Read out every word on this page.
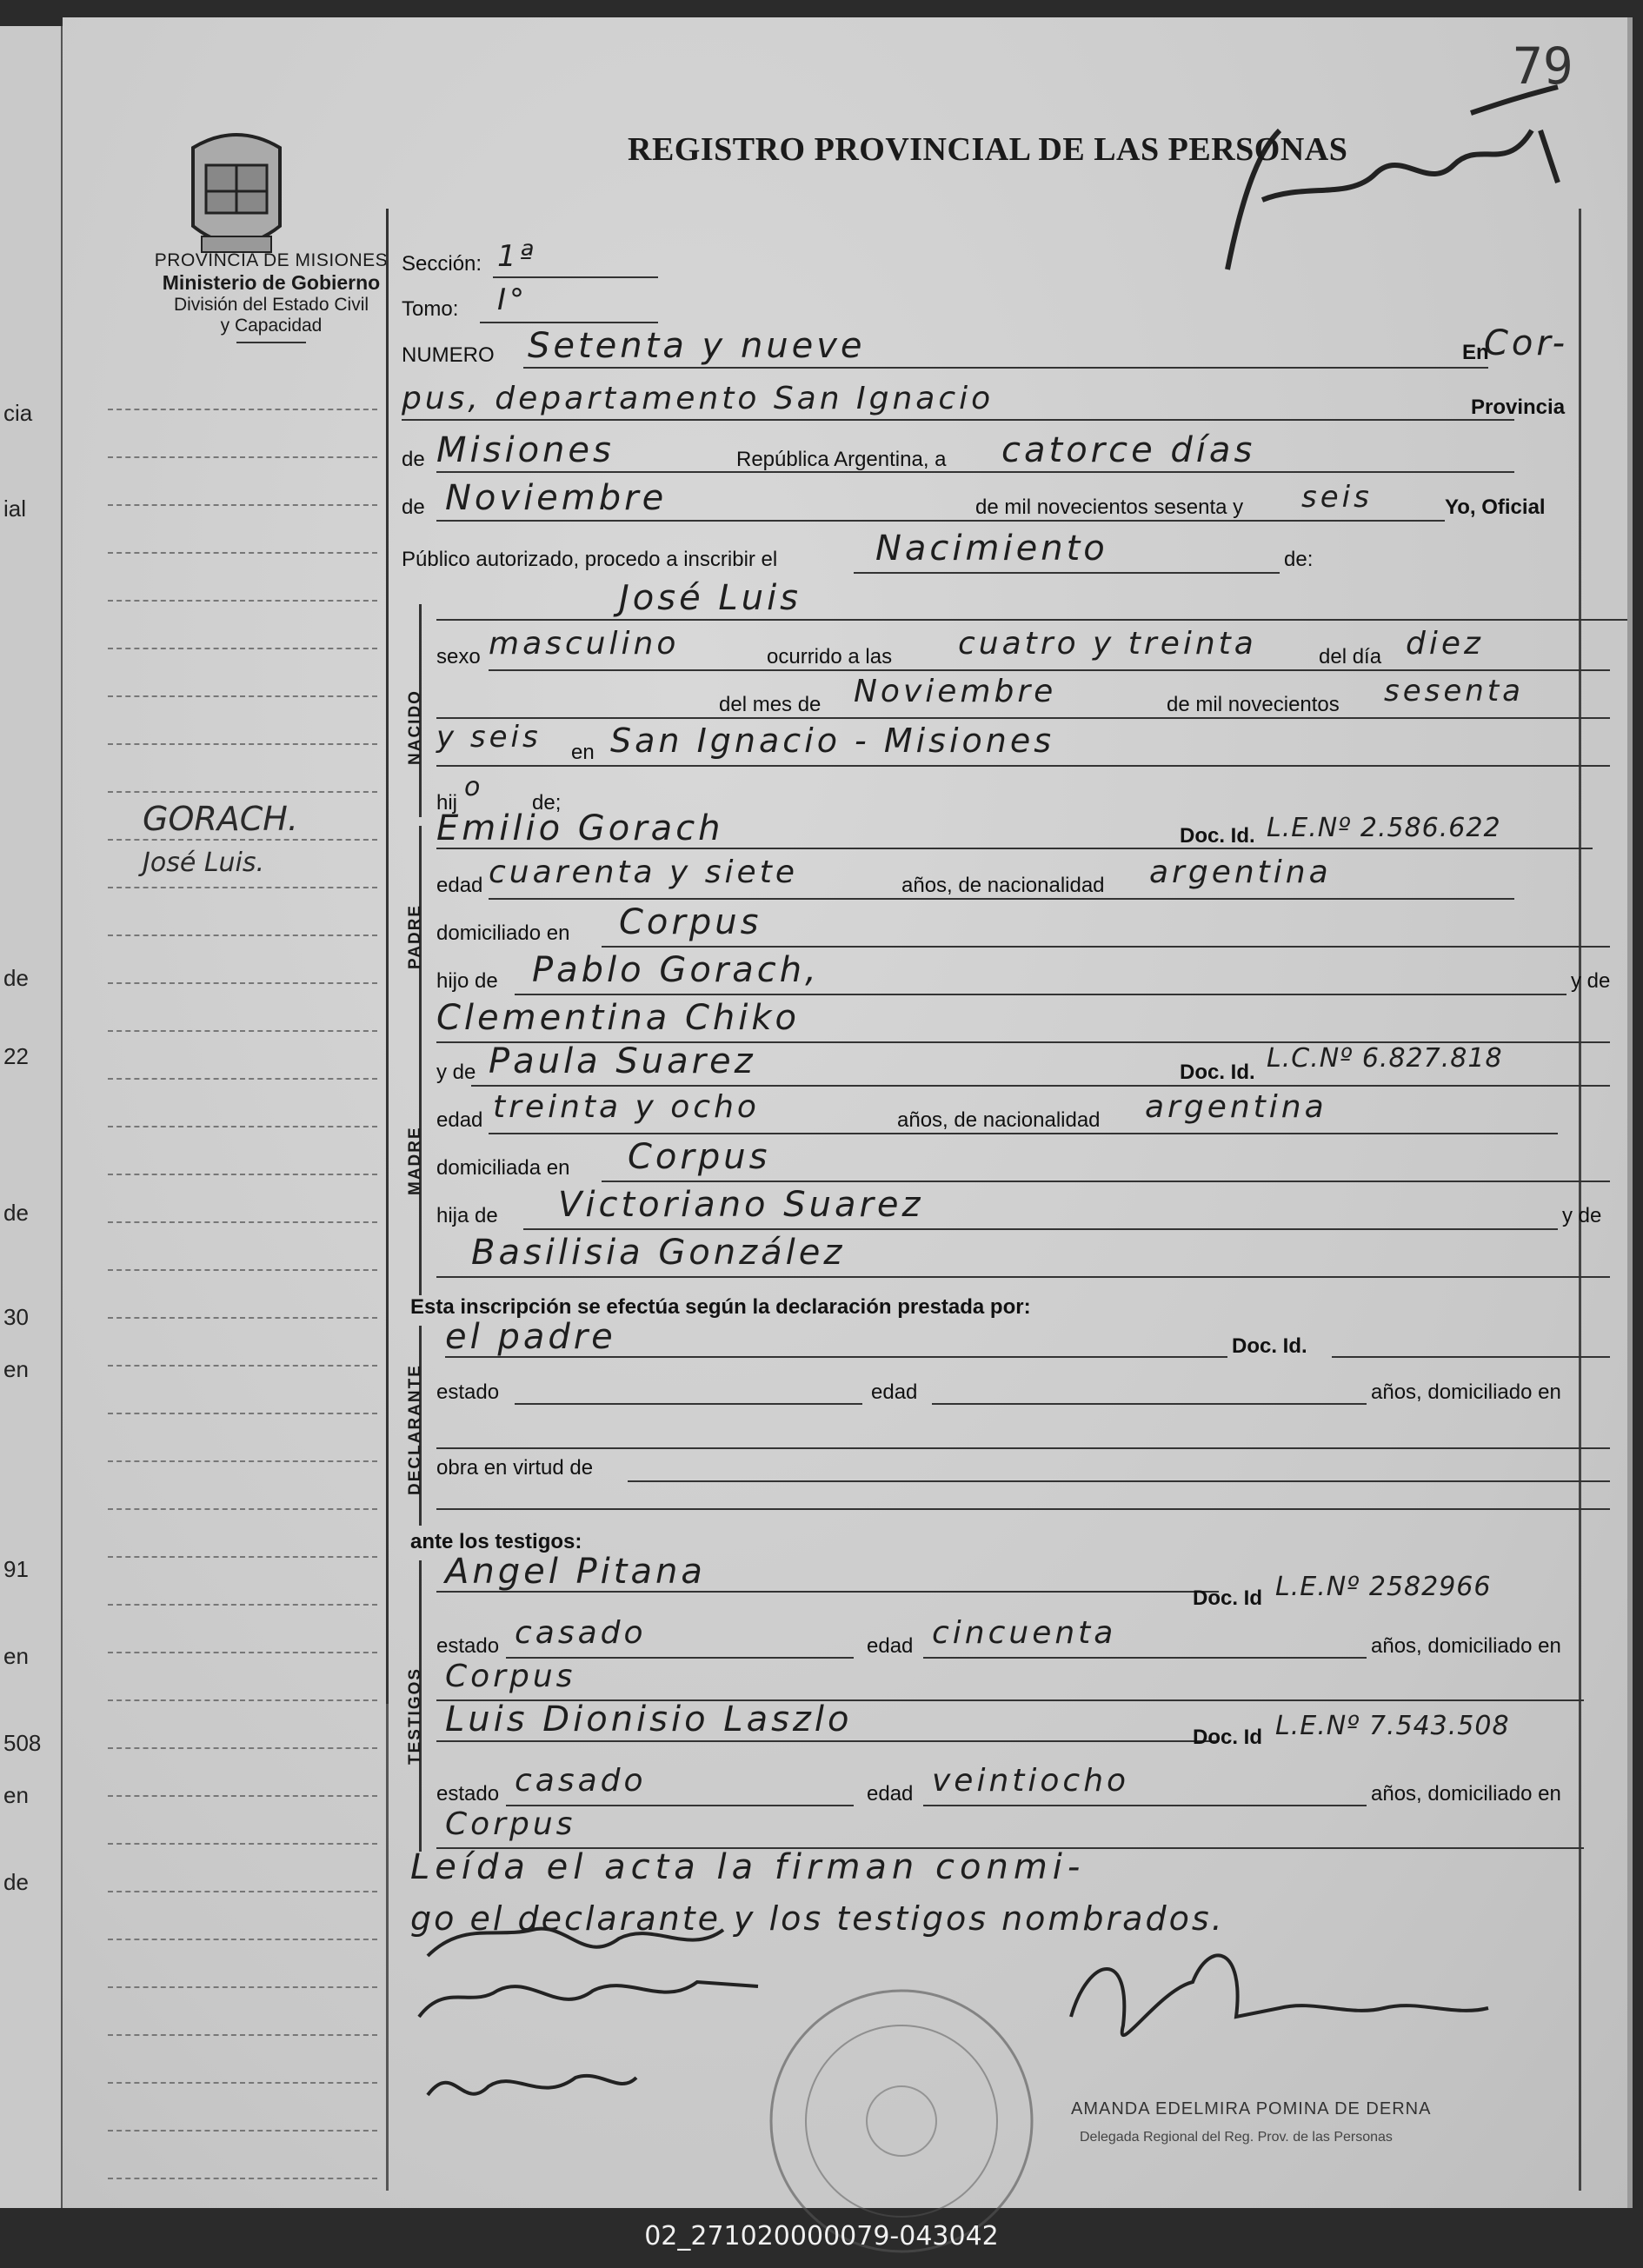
cia
ial
de
22
de
30
en
91
en
508
en
de
79
PROVINCIA DE MISIONES
Ministerio de Gobierno
División del Estado Civil
y Capacidad
REGISTRO PROVINCIAL DE LAS PERSONAS
GORACH.
José Luis.
Sección: 1ª
Tomo: I°
NUMERO Setenta y nueve	En
Cor-
pus, departamento San Ignacio	Provincia
de Misiones	República Argentina, a catorce días
de Noviembre	de mil novecientos sesenta y seis	Yo, Oficial
Público autorizado, procedo a inscribir el	Nacimiento	de:
José Luis
NACIDO
sexo masculino	ocurrido a las cuatro y treinta	del día diez
del mes de Noviembre	de mil novecientos sesenta
y seis en San Ignacio - Misiones
hij
o
de;
PADRE
Emilio Gorach	Doc. Id. L.E.Nº 2.586.622
edad cuarenta y siete	años, de nacionalidad argentina
domiciliado en Corpus
hijo de Pablo Gorach,	y de
Clementina Chiko
MADRE
y de Paula Suarez	Doc. Id. L.C.Nº 6.827.818
edad treinta y ocho	años, de nacionalidad argentina
domiciliada en Corpus
hija de Victoriano Suarez	y de
Basilisia González
Esta inscripción se efectúa según la declaración prestada por:
DECLARANTE
el padre	Doc. Id.
estado	edad	años, domiciliado en
obra en virtud de
ante los testigos:
TESTIGOS
Angel Pitana
Doc. Id L.E.Nº 2582966
estado casado	edad cincuenta	años, domiciliado en
Corpus
Luis Dionisio Laszlo	Doc. Id L.E.Nº 7.543.508
estado casado	edad veintiocho	años, domiciliado en
Corpus
Leída el acta la firman conmi-
go el declarante y los testigos nombrados.
AMANDA EDELMIRA POMINA DE DERNA
Delegada Regional del Reg. Prov. de las Personas
02_271020000079-043042
